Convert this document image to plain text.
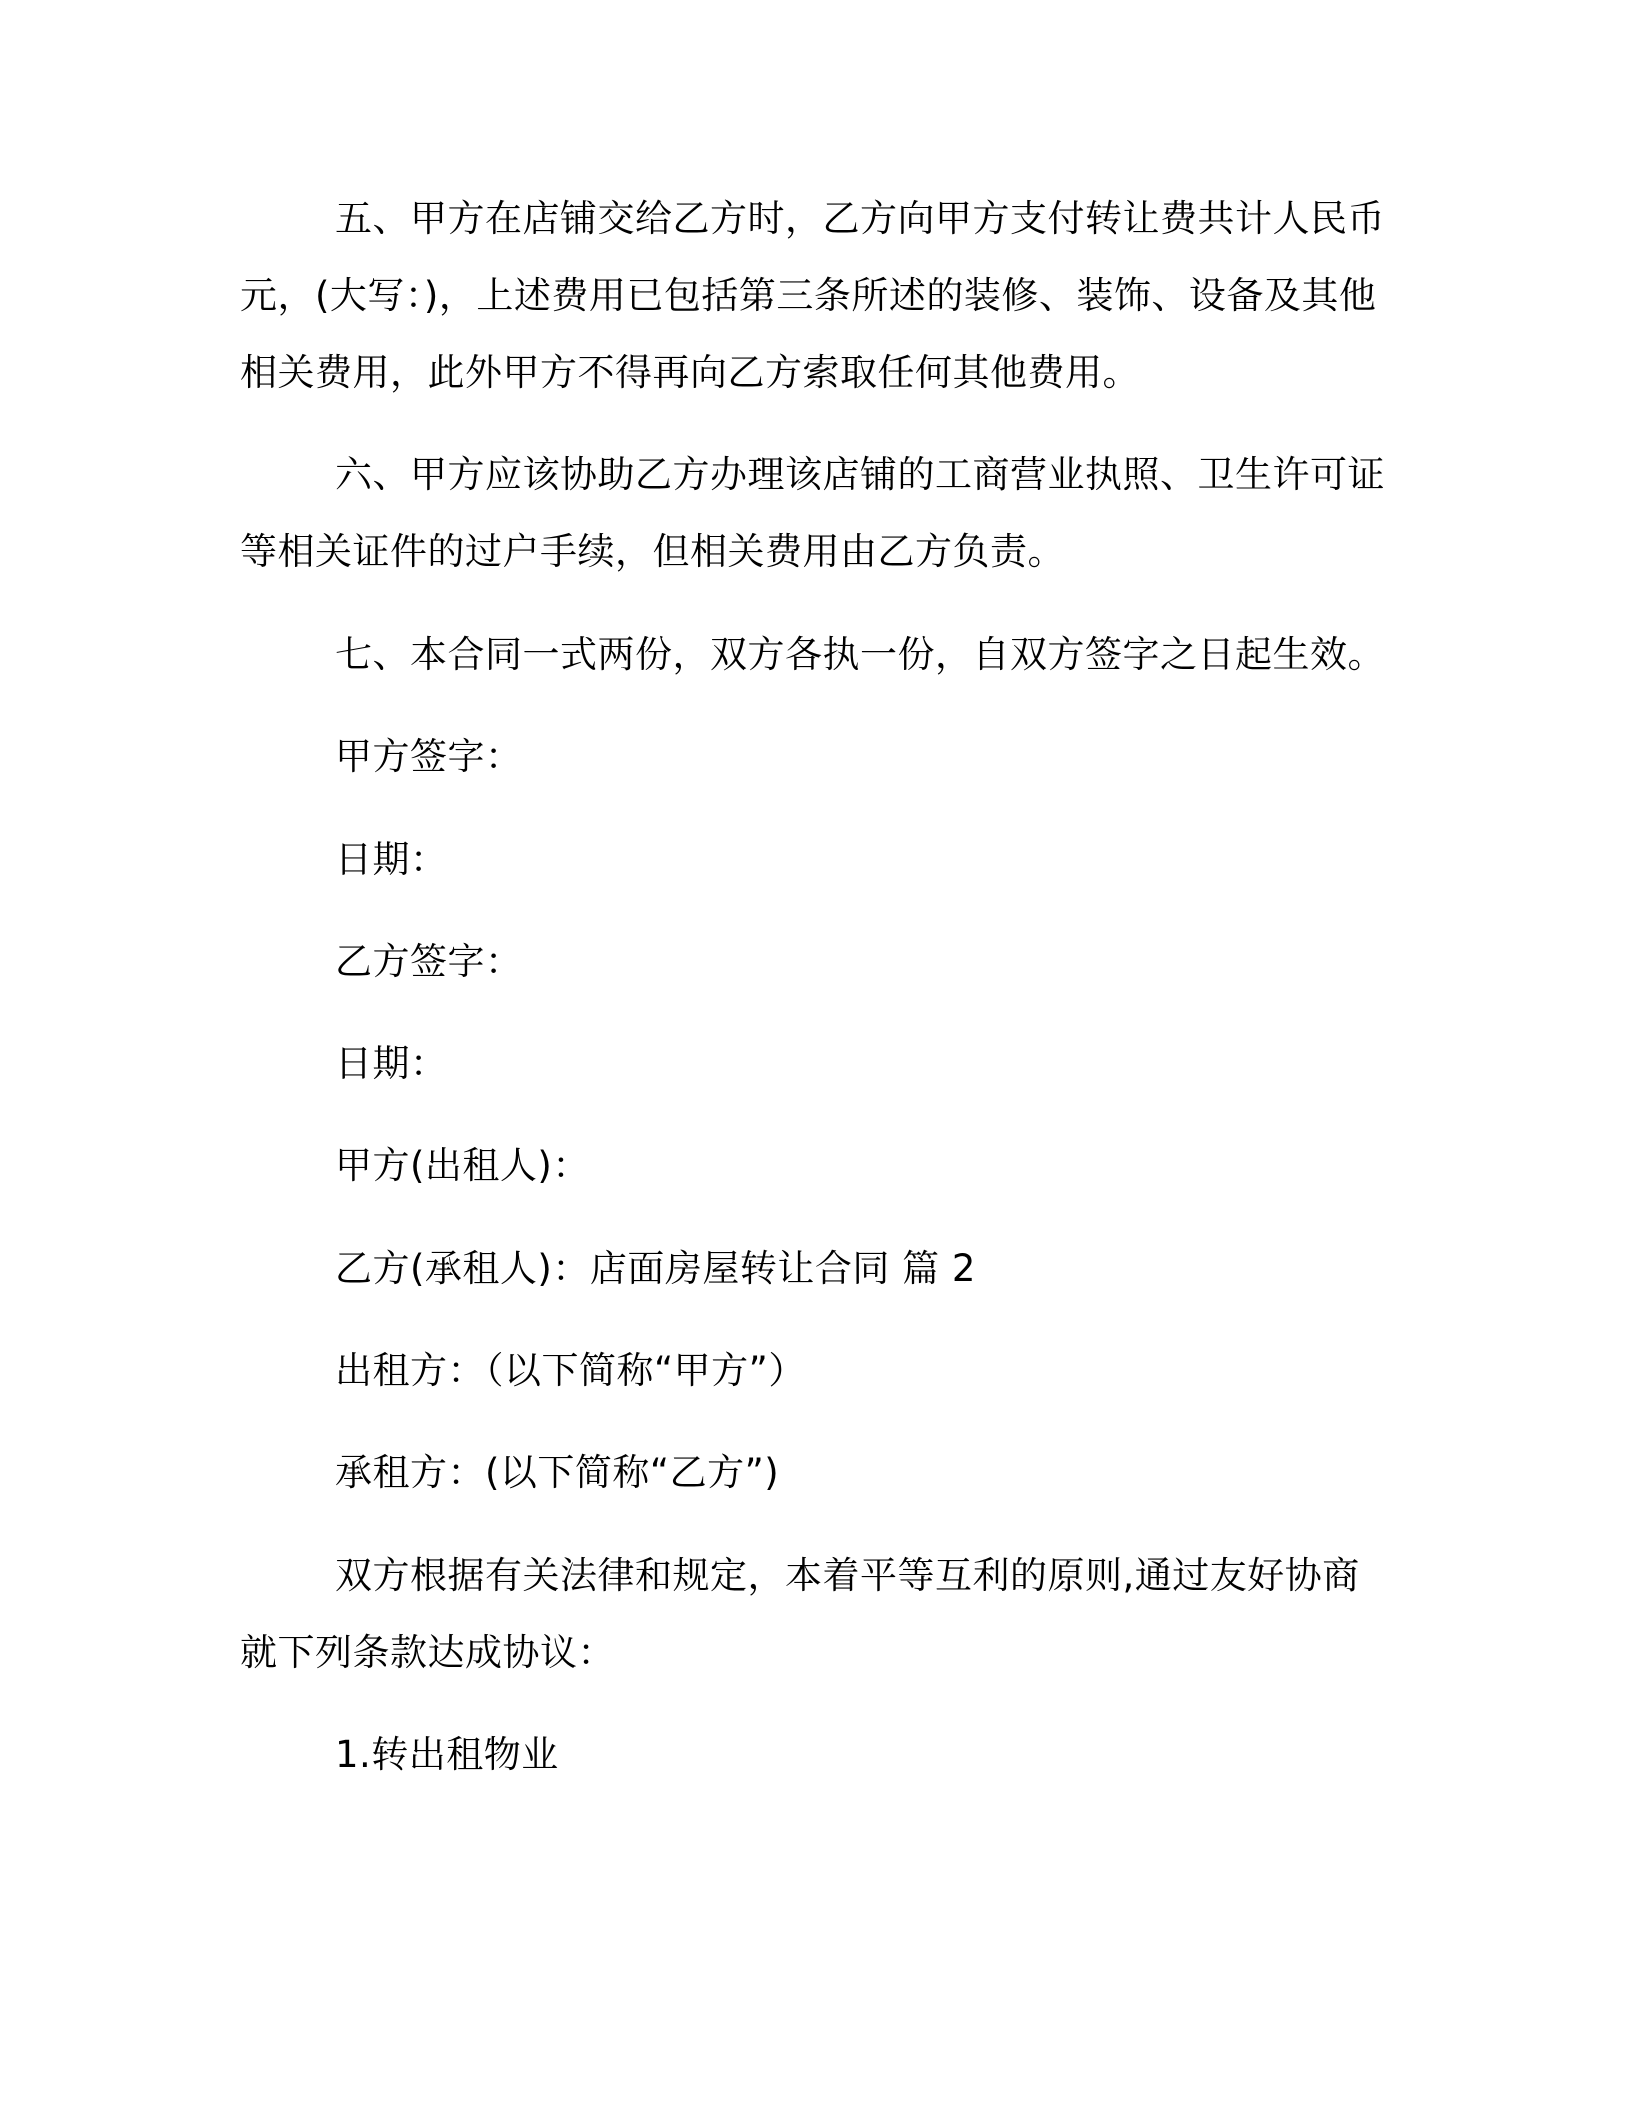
五、甲方在店铺交给乙方时，乙方向甲方支付转让费共计人民币
元，(大写：)，上述费用已包括第三条所述的装修、装饰、设备及其他
相关费用，此外甲方不得再向乙方索取任何其他费用。
六、甲方应该协助乙方办理该店铺的工商营业执照、卫生许可证
等相关证件的过户手续，但相关费用由乙方负责。
七、本合同一式两份，双方各执一份，自双方签字之日起生效。
甲方签字：
日期：
乙方签字：
日期：
甲方(出租人)：
乙方(承租人)：店面房屋转让合同 篇 2
出租方：（以下简称“甲方”）
承租方：(以下简称“乙方”)
双方根据有关法律和规定，本着平等互利的原则,通过友好协商
就下列条款达成协议：
1.转出租物业
